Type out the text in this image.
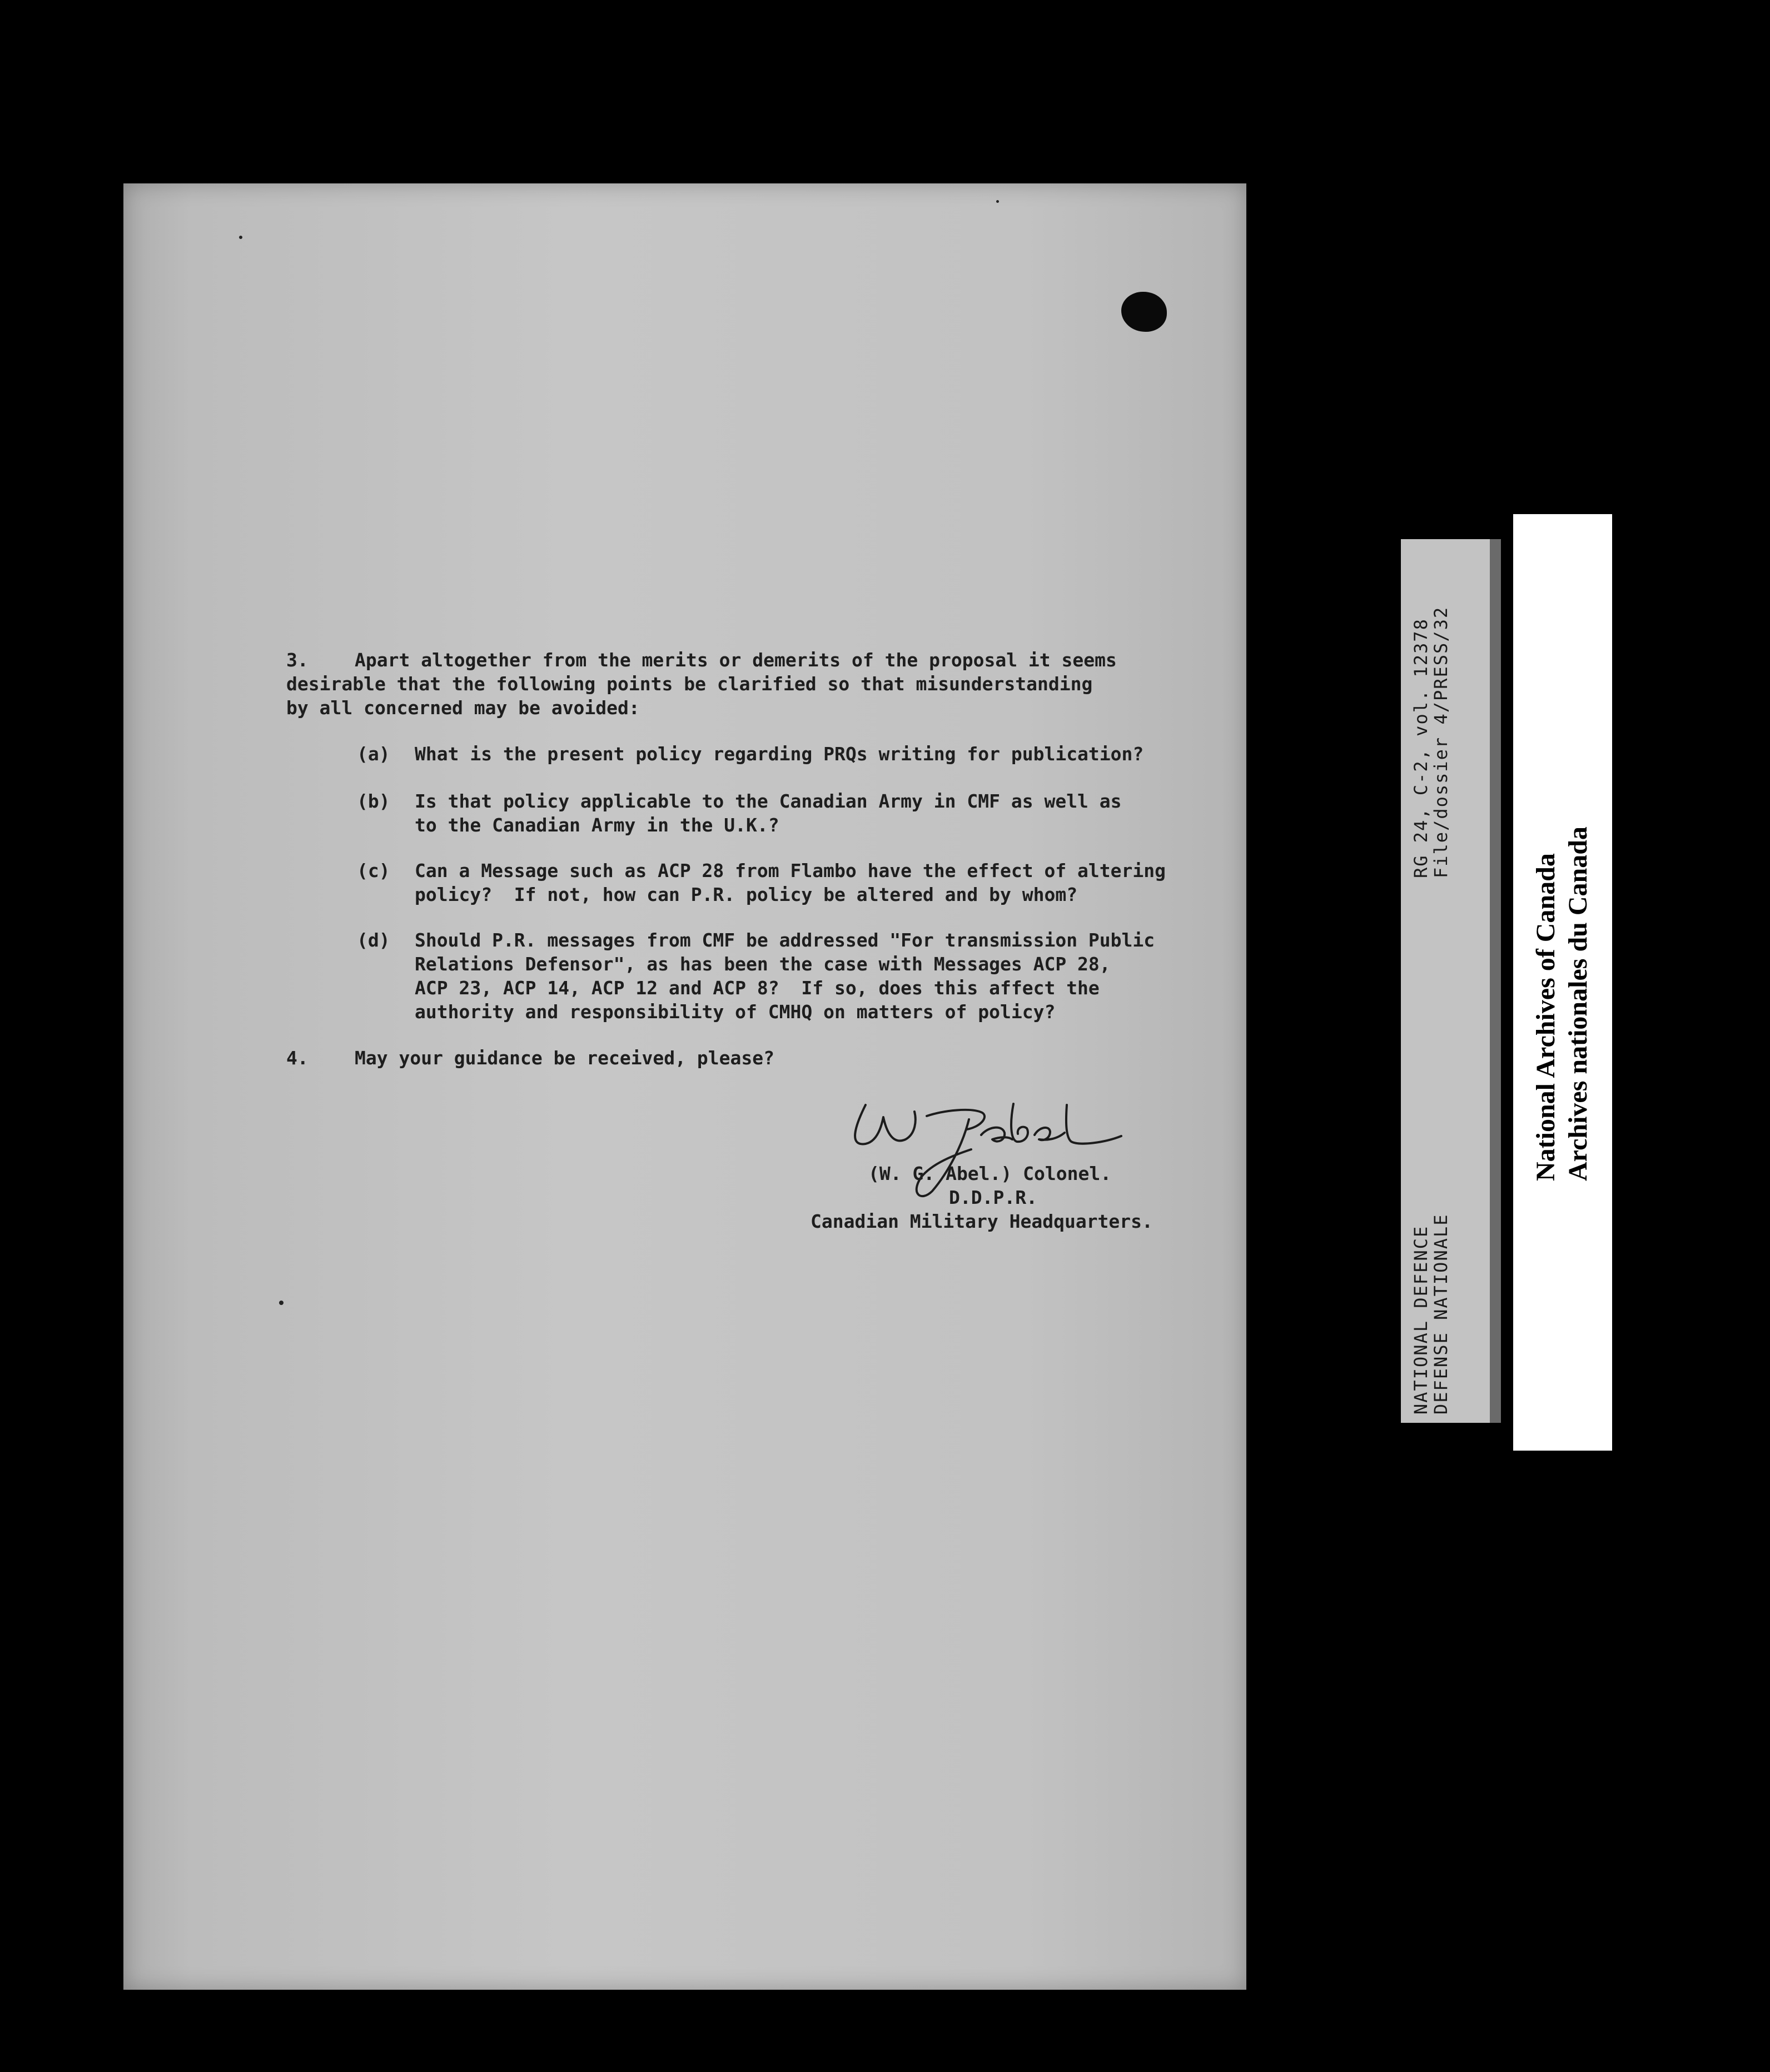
3.	Apart altogether from the merits or demerits of the proposal it seems
desirable that the following points be clarified so that misunderstanding
by all concerned may be avoided:
(a) What is the present policy regarding PRQs writing for publication?
(b) Is that policy applicable to the Canadian Army in CMF as well as
to the Canadian Army in the U.K.?
(c) Can a Message such as ACP 28 from Flambo have the effect of altering
policy?  If not, how can P.R. policy be altered and by whom?
(d) Should P.R. messages from CMF be addressed "For transmission Public
Relations Defensor", as has been the case with Messages ACP 28,
ACP 23, ACP 14, ACP 12 and ACP 8?  If so, does this affect the
authority and responsibility of CMHQ on matters of policy?
4.	May your guidance be received, please?
(W. G. Abel.) Colonel.
D.D.P.R.
Canadian Military Headquarters.
RG 24, C-2, vol. 12378
File/dossier 4/PRESS/32
NATIONAL DEFENCE
DEFENSE NATIONALE
National Archives of Canada Archives nationales du Canada
